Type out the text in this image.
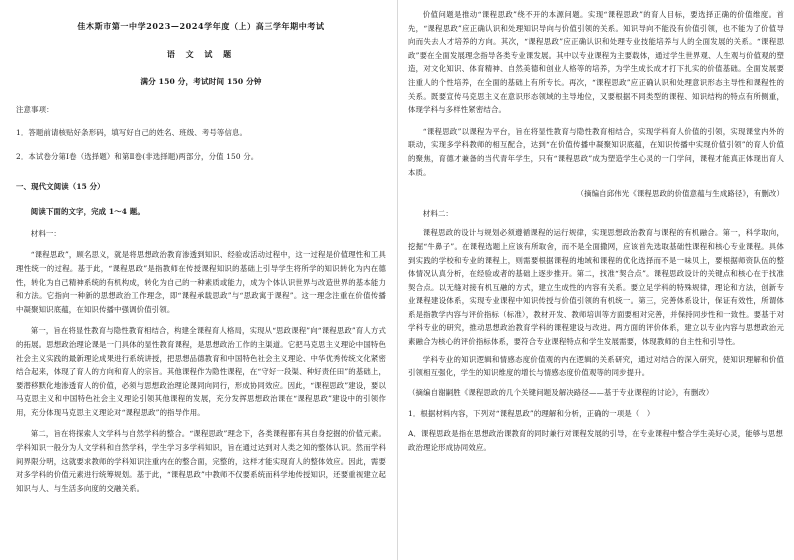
佳木斯市第一中学2023—2024学年度（上）高三学年期中考试

语 文 试 题

满分 150 分，考试时间 150 分钟

注意事项：

1．答题前请核贴好条形码，填写好自己的姓名、班级、考号等信息。

2．本试卷分第Ⅰ卷（选择题）和第Ⅱ卷(非选择题)两部分，分值 150 分。

一、现代文阅读（15 分）

阅读下面的文字，完成 1～4 题。

材料一：

“课程思政”，顾名思义，就是将思想政治教育渗透到知识、经验或活动过程中，这一过程是价值理性和工具理性统一的过程。基于此，“课程思政”是指教师在传授课程知识的基础上引导学生将所学的知识转化为内在德性，转化为自己精神系统的有机构成，转化为自己的一种素质或能力，成为个体认识世界与改造世界的基本能力和方法。它指向一种新的思想政治工作理念，即“课程承载思政”与“思政寓于课程”。这一理念注重在价值传播中凝聚知识底蕴，在知识传播中强调价值引领。

第一，旨在将显性教育与隐性教育相结合，构建全课程育人格局，实现从“思政课程”向“课程思政”育人方式的拓展。思想政治理论课是一门具体的显性教育课程，是思想政治工作的主渠道。它把马克思主义理论中国特色社会主义实践的最新理论成果进行系统讲授，把思想品德教育和中国特色社会主义理论、中华优秀传统文化紧密结合起来，体现了育人的方向和育人的宗旨。其他课程作为隐性课程，在“守好一段渠、种好责任田”的基础上，要潜移默化地渗透育人的价值，必须与思想政治理论课同向同行，形成协同效应。因此，“课程思政”建设，要以马克思主义和中国特色社会主义理论引领其他课程的发展，充分发挥思想政治课在“课程思政”建设中的引领作用，充分体现马克思主义理论对“课程思政”的指导作用。

第二，旨在将探索人文学科与自然学科的整合。“课程思政”理念下，各类课程都有其自身挖掘的价值元素。学科知识一般分为人文学科和自然学科，学生学习多学科知识，旨在通过达到对人类之知的整体认识。然而学科间界限分明，这就要求教师的学科知识注重内在的整合面，完整的，这样才能实现育人的整体效应。因此，需要对多学科的价值元素进行统筹规划。基于此，“课程思政”中教师不仅要系统而科学地传授知识，还要重视建立起知识与人、与生活多向度的交融关系。

价值问题是推动“课程思政”绕不开的本源问题。实现“课程思政”的育人目标，要选择正确的价值维度。首先，“课程思政”应正确认识和处理知识导向与价值引领的关系。知识导向不能没有价值引领，也不能为了价值导向而失去人才培养的方向。其次，“课程思政”应正确认识和处理专业技能培养与人的全面发展的关系。“课程思政”要在全面发展理念指导各类专业课发展。其中以专业课程为主要载体，通过学生世界观、人生观与价值观的塑造，对文化知识、体育精神、自然美德和创业人格等的培养，为学生成长成才打下扎实的价值基础。全面发展要注重人的个性培养，在全面的基础上有所专长。再次，“课程思政”应正确认识和处理意识形态主导性和课程性的关系。既要宣传马克思主义在意识形态领域的主导地位，又要根据不同类型的课程、知识结构的特点有所侧重，体现学科与多样性紧密结合。

“课程思政”以课程为平台，旨在将显性教育与隐性教育相结合，实现学科育人价值的引领，实现课堂内外的联动，实现多学科教师的相互配合，达到“在价值传播中凝聚知识底蕴，在知识传播中实现价值引领”的育人价值的聚焦，育德才兼备的当代青年学生，只有“课程思政”成为塑造学生心灵的一门学问，课程才能真正体现出育人本质。

（摘编自邱伟光《课程思政的价值意蕴与生成路径》，有删改）

材料二：

课程思政的设计与规划必须遵循课程的运行规律，实现思想政治教育与课程的有机融合。第一，科学取向，挖掘“牛鼻子”。在课程选题上应该有所取舍，而不是全面撒网，应该首先选取基础性课程和核心专业课程。具体到实践的学校和专业的课程上，则需要根据课程的地域和课程的优化选择而不是一味贝上，要根据师资队伍的整体情况认真分析，在经验或者的基础上逐步推开。第二，找准“契合点”。课程思政设计的关键点和核心在于找准契合点。以无缝对接有机互融的方式，建立生成性的内容有关系。要立足学科的特殊规律，理论和方法，创新专业课程建设体系，实现专业课程中知识传授与价值引领的有机统一。第三，完善体系设计，保证有效性，所谓体系是指教学内容与评价指标（标准），教材开发、教师培训等方面要相对完善，并保持同步性和一致性。要基于对学科专业的研究，推动思想政治教育学科的课程建设与改进。两方面的评价体系，建立以专业内容与思想政治元素融合为核心的评价指标体系，要符合专业课程特点和学生发展需要，体现教师的自主性和引导性。

学科专业的知识逻辑和情感态度价值观的内在逻辑的关系研究，通过对结合的深入研究，使知识理解和价值引领相互强化，学生的知识维度的增长与情感态度价值观等的同步提升。

（摘编自谢嗣胜《课程思政的几个关键问题及解决路径——基于专业课程的讨论》，有删改）

1．根据材料内容，下列对“课程思政”的理解和分析，正确的一项是（　）

A．课程思政是指在思想政治课教育的同时兼行对课程发展的引导，在专业课程中整合学生美好心灵，能够与思想政治理论形成协同效应。
